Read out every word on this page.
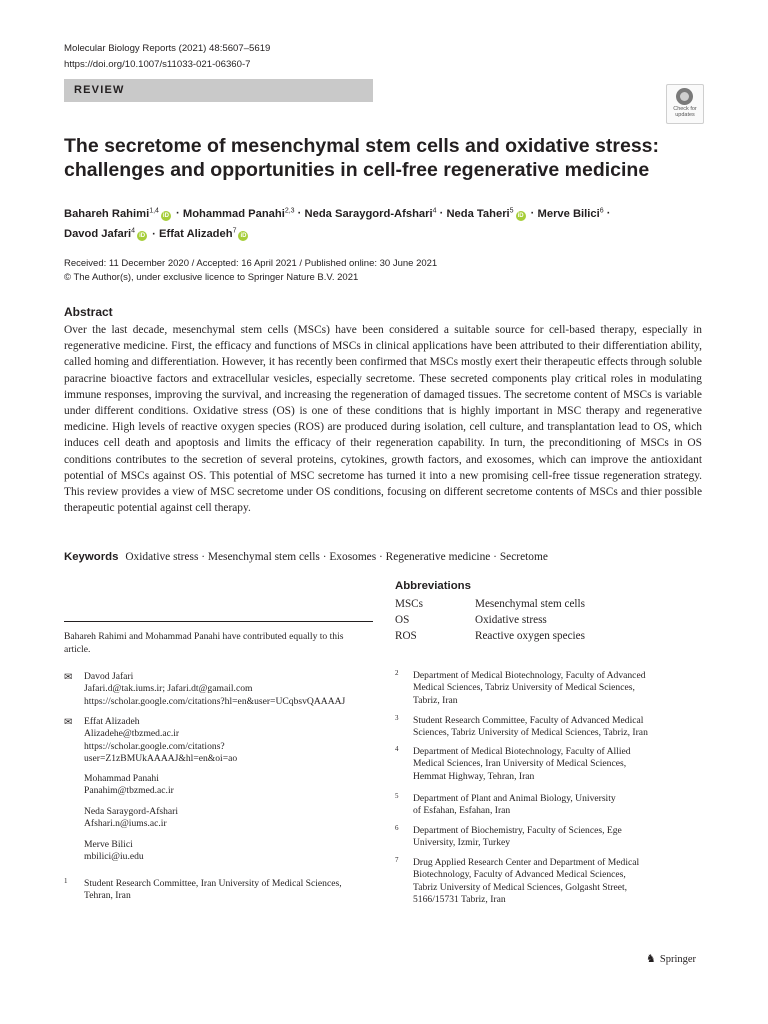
Molecular Biology Reports (2021) 48:5607–5619
https://doi.org/10.1007/s11033-021-06360-7
REVIEW
Check for
updates
The secretome of mesenchymal stem cells and oxidative stress:
challenges and opportunities in cell-free regenerative medicine
Bahareh Rahimi$^{1,4}$iD · Mohammad Panahi$^{2,3}$ · Neda Saraygord-Afshari$^4$ · Neda Taheri$^5$iD · Merve Bilici$^6$ ·
Davod Jafari$^4$iD · Effat Alizadeh$^7$iD
Received: 11 December 2020 / Accepted: 16 April 2021 / Published online: 30 June 2021
© The Author(s), under exclusive licence to Springer Nature B.V. 2021
Abstract
Over the last decade, mesenchymal stem cells (MSCs) have been considered a suitable source for cell-based therapy, especially in regenerative medicine. First, the efficacy and functions of MSCs in clinical applications have been attributed to their differentiation ability, called homing and differentiation. However, it has recently been confirmed that MSCs mostly exert their therapeutic effects through soluble paracrine bioactive factors and extracellular vesicles, especially secretome. These secreted components play critical roles in modulating immune responses, improving the survival, and increasing the regeneration of damaged tissues. The secretome content of MSCs is variable under different conditions. Oxidative stress (OS) is one of these conditions that is highly important in MSC therapy and regenerative medicine. High levels of reactive oxygen species (ROS) are produced during isolation, cell culture, and transplantation lead to OS, which induces cell death and apoptosis and limits the efficacy of their regeneration capability. In turn, the preconditioning of MSCs in OS conditions contributes to the secretion of several proteins, cytokines, growth factors, and exosomes, which can improve the antioxidant potential of MSCs against OS. This potential of MSC secretome has turned it into a new promising cell-free tissue regeneration strategy. This review provides a view of MSC secretome under OS conditions, focusing on different secretome contents of MSCs and thier possible therapeutic potential against cell therapy.
Keywords Oxidative stress · Mesenchymal stem cells · Exosomes · Regenerative medicine · Secretome
Abbreviations
MSCs	Mesenchymal stem cells
OS	Oxidative stress
ROS	Reactive oxygen species
Bahareh Rahimi and Mohammad Panahi have contributed equally to this article.
✉ Davod Jafari
Jafari.d@tak.iums.ir; Jafari.dt@gamail.com
https://scholar.google.com/citations?hl=en&user=UCqbsvQAAAAJ
✉ Effat Alizadeh
Alizadehe@tbzmed.ac.ir
https://scholar.google.com/citations?
user=Z1zBMUkAAAAJ&hl=en&oi=ao
Mohammad Panahi
Panahim@tbzmed.ac.ir
Neda Saraygord-Afshari
Afshari.n@iums.ac.ir
Merve Bilici
mbilici@iu.edu
1 Student Research Committee, Iran University of Medical Sciences, Tehran, Iran
2 Department of Medical Biotechnology, Faculty of Advanced
Medical Sciences, Tabriz University of Medical Sciences,
Tabriz, Iran
3 Student Research Committee, Faculty of Advanced Medical
Sciences, Tabriz University of Medical Sciences, Tabriz, Iran
4 Department of Medical Biotechnology, Faculty of Allied
Medical Sciences, Iran University of Medical Sciences,
Hemmat Highway, Tehran, Iran
5 Department of Plant and Animal Biology, University
of Esfahan, Esfahan, Iran
6 Department of Biochemistry, Faculty of Sciences, Ege
University, Izmir, Turkey
7 Drug Applied Research Center and Department of Medical
Biotechnology, Faculty of Advanced Medical Sciences,
Tabriz University of Medical Sciences, Golgasht Street,
5166/15731 Tabriz, Iran
♞ Springer
